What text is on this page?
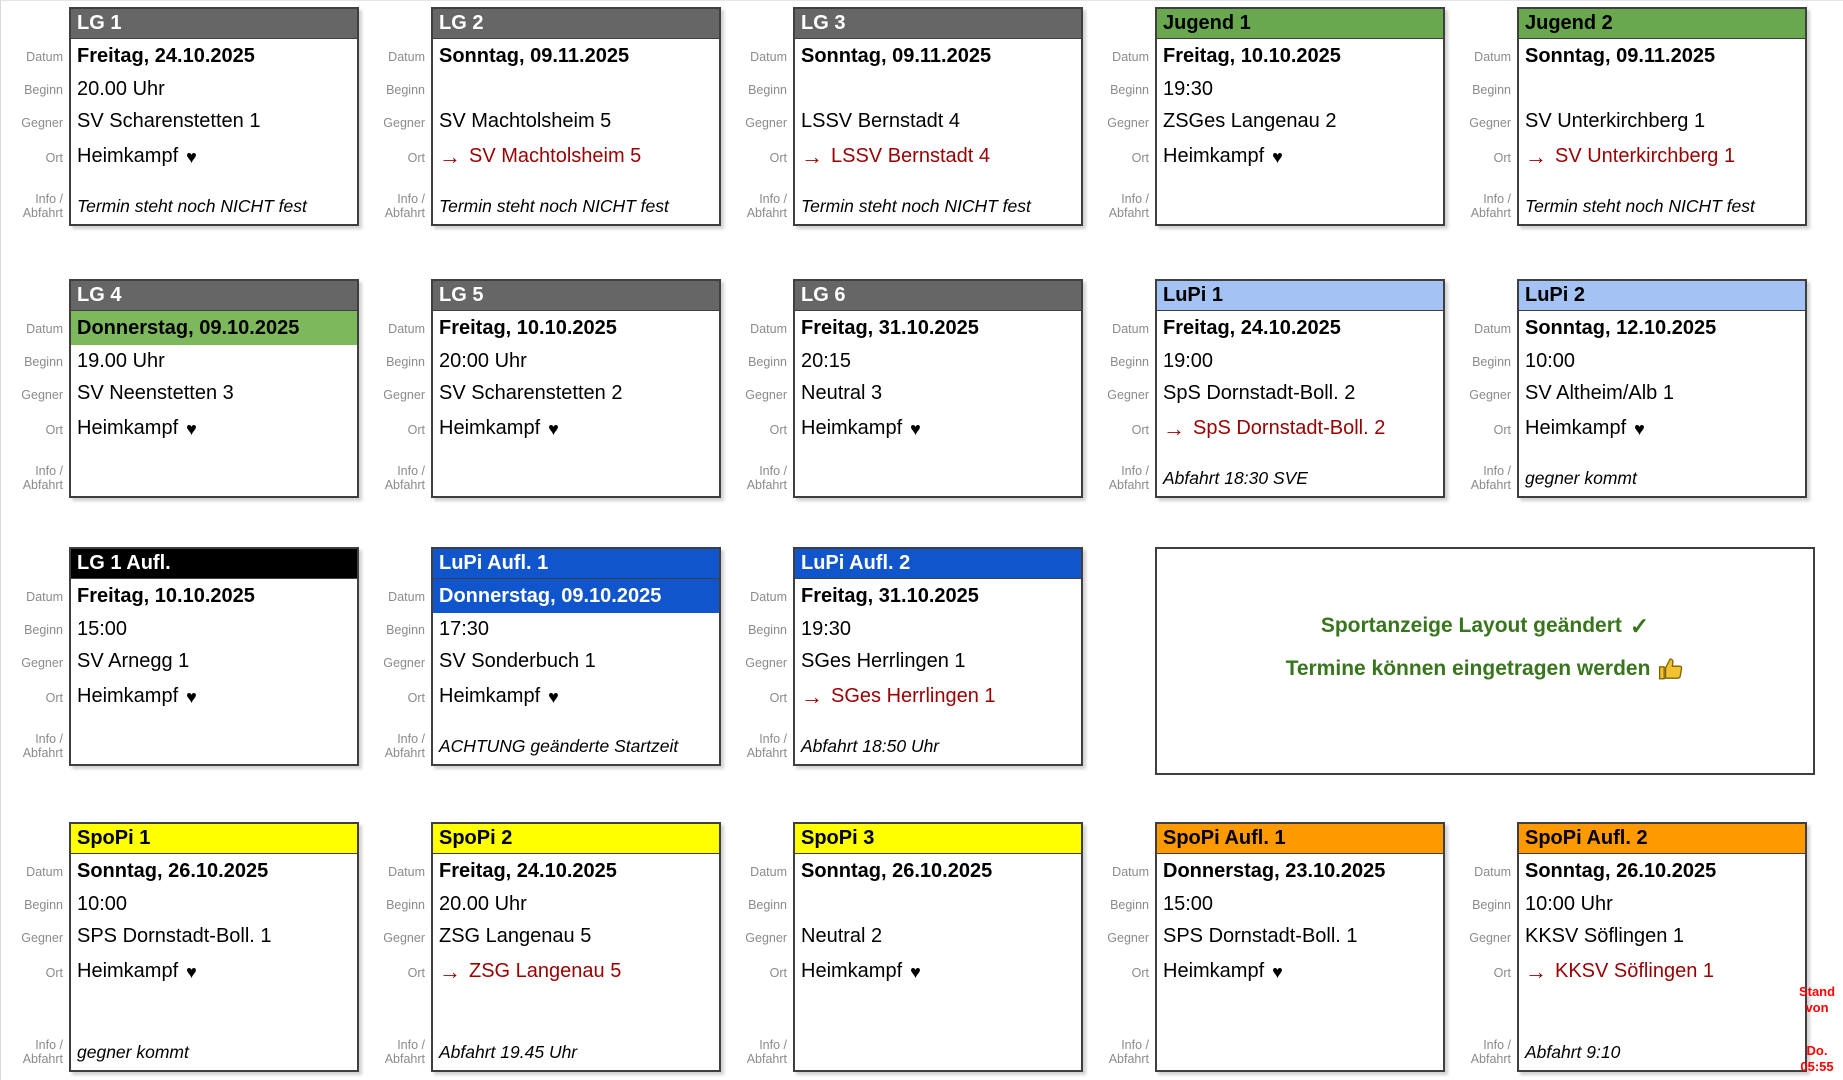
Sportanzeige Layout geändert ✓
Termine können eingetragen werden
Datum
Beginn
Gegner
Ort
Info /
Abfahrt
LG 1
Freitag, 24.10.2025
20.00 Uhr
SV Scharenstetten 1
Heimkampf ♥
Termin steht noch NICHT fest
Datum
Beginn
Gegner
Ort
Info /
Abfahrt
LG 2
Sonntag, 09.11.2025
SV Machtolsheim 5
→ SV Machtolsheim 5
Termin steht noch NICHT fest
Datum
Beginn
Gegner
Ort
Info /
Abfahrt
LG 3
Sonntag, 09.11.2025
LSSV Bernstadt 4
→ LSSV Bernstadt 4
Termin steht noch NICHT fest
Datum
Beginn
Gegner
Ort
Info /
Abfahrt
Jugend 1
Freitag, 10.10.2025
19:30
ZSGes Langenau 2
Heimkampf ♥
Datum
Beginn
Gegner
Ort
Info /
Abfahrt
Jugend 2
Sonntag, 09.11.2025
SV Unterkirchberg 1
→ SV Unterkirchberg 1
Termin steht noch NICHT fest
Datum
Beginn
Gegner
Ort
Info /
Abfahrt
LG 4
Donnerstag, 09.10.2025
19.00 Uhr
SV Neenstetten 3
Heimkampf ♥
Datum
Beginn
Gegner
Ort
Info /
Abfahrt
LG 5
Freitag, 10.10.2025
20:00 Uhr
SV Scharenstetten 2
Heimkampf ♥
Datum
Beginn
Gegner
Ort
Info /
Abfahrt
LG 6
Freitag, 31.10.2025
20:15
Neutral 3
Heimkampf ♥
Datum
Beginn
Gegner
Ort
Info /
Abfahrt
LuPi 1
Freitag, 24.10.2025
19:00
SpS Dornstadt-Boll. 2
→ SpS Dornstadt-Boll. 2
Abfahrt 18:30 SVE
Datum
Beginn
Gegner
Ort
Info /
Abfahrt
LuPi 2
Sonntag, 12.10.2025
10:00
SV Altheim/Alb 1
Heimkampf ♥
gegner kommt
Datum
Beginn
Gegner
Ort
Info /
Abfahrt
LG 1 Aufl.
Freitag, 10.10.2025
15:00
SV Arnegg 1
Heimkampf ♥
Datum
Beginn
Gegner
Ort
Info /
Abfahrt
LuPi Aufl. 1
Donnerstag, 09.10.2025
17:30
SV Sonderbuch 1
Heimkampf ♥
ACHTUNG geänderte Startzeit
Datum
Beginn
Gegner
Ort
Info /
Abfahrt
LuPi Aufl. 2
Freitag, 31.10.2025
19:30
SGes Herrlingen 1
→ SGes Herrlingen 1
Abfahrt 18:50 Uhr
Datum
Beginn
Gegner
Ort
Info /
Abfahrt
SpoPi 1
Sonntag, 26.10.2025
10:00
SPS Dornstadt-Boll. 1
Heimkampf ♥
gegner kommt
Datum
Beginn
Gegner
Ort
Info /
Abfahrt
SpoPi 2
Freitag, 24.10.2025
20.00 Uhr
ZSG Langenau 5
→ ZSG Langenau 5
Abfahrt 19.45 Uhr
Datum
Beginn
Gegner
Ort
Info /
Abfahrt
SpoPi 3
Sonntag, 26.10.2025
Neutral 2
Heimkampf ♥
Datum
Beginn
Gegner
Ort
Info /
Abfahrt
SpoPi Aufl. 1
Donnerstag, 23.10.2025
15:00
SPS Dornstadt-Boll. 1
Heimkampf ♥
Datum
Beginn
Gegner
Ort
Info /
Abfahrt
SpoPi Aufl. 2
Sonntag, 26.10.2025
10:00 Uhr
KKSV Söflingen 1
→ KKSV Söflingen 1
Abfahrt 9:10
Stand von
Do. 05:55
